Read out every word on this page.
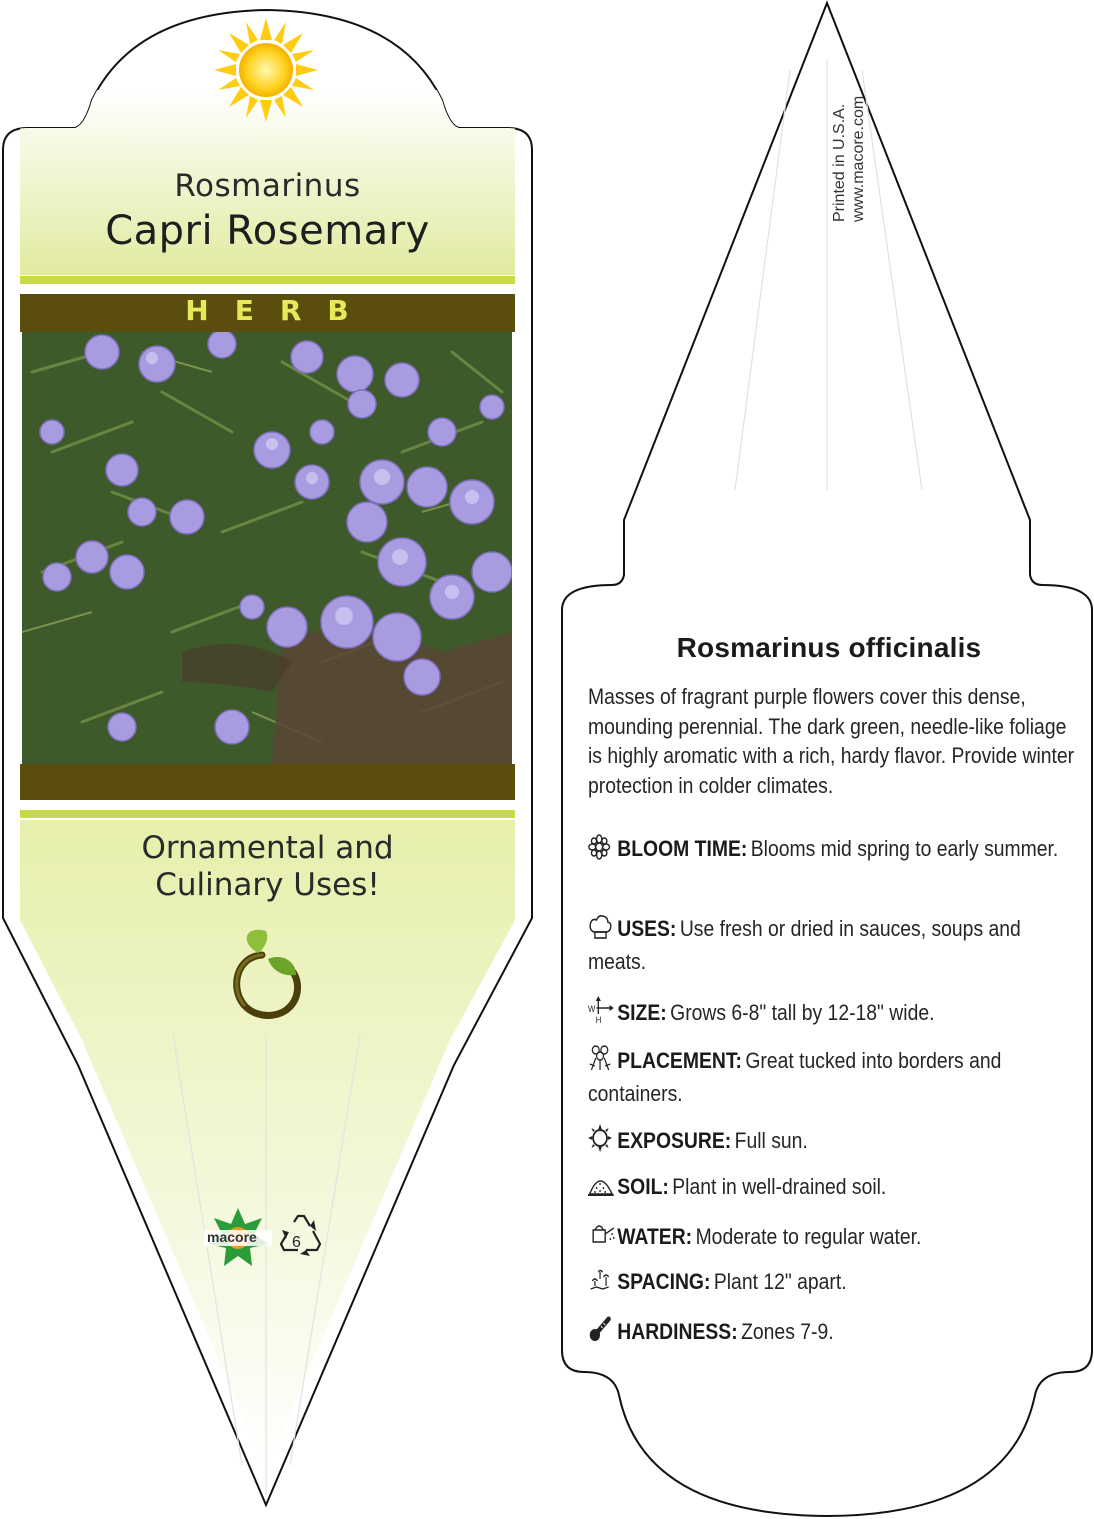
Rosmarinus
Capri Rosemary
HERB
Ornamental and
Culinary Uses!
macore 6
Printed in U.S.A. www.macore.com
Rosmarinus officinalis
Masses of fragrant purple flowers cover this dense, mounding perennial. The dark green, needle-like foliage is highly aromatic with a rich, hardy flavor. Provide winter protection in colder climates.
BLOOM TIME: Blooms mid spring to early summer.
USES: Use fresh or dried in sauces, soups and meats.
W
H SIZE: Grows 6-8" tall by 12-18" wide.
PLACEMENT: Great tucked into borders and containers.
EXPOSURE: Full sun.
SOIL: Plant in well-drained soil.
WATER: Moderate to regular water.
SPACING: Plant 12" apart.
HARDINESS: Zones 7-9.
